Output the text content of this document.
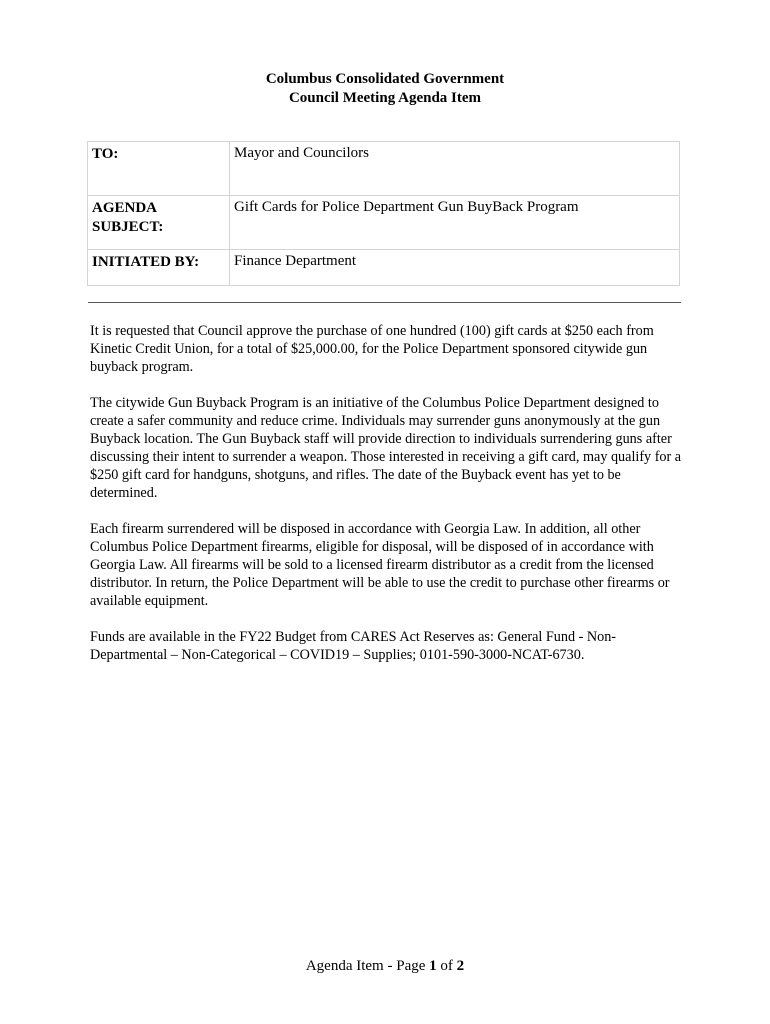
Columbus Consolidated Government
Council Meeting Agenda Item
TO:	Mayor and Councilors
AGENDA
SUBJECT:	Gift Cards for Police Department Gun BuyBack Program
INITIATED BY:	Finance Department

It is requested that Council approve the purchase of one hundred (100) gift cards at $250 each from Kinetic Credit Union, for a total of $25,000.00, for the Police Department sponsored citywide gun buyback program.

The citywide Gun Buyback Program is an initiative of the Columbus Police Department designed to create a safer community and reduce crime. Individuals may surrender guns anonymously at the gun Buyback location. The Gun Buyback staff will provide direction to individuals surrendering guns after discussing their intent to surrender a weapon. Those interested in receiving a gift card, may qualify for a $250 gift card for handguns, shotguns, and rifles. The date of the Buyback event has yet to be determined.

Each firearm surrendered will be disposed in accordance with Georgia Law. In addition, all other Columbus Police Department firearms, eligible for disposal, will be disposed of in accordance with Georgia Law. All firearms will be sold to a licensed firearm distributor as a credit from the licensed distributor. In return, the Police Department will be able to use the credit to purchase other firearms or available equipment.

Funds are available in the FY22 Budget from CARES Act Reserves as: General Fund - Non-Departmental – Non-Categorical – COVID19 – Supplies; 0101-590-3000-NCAT-6730.

Agenda Item - Page 1 of 2
